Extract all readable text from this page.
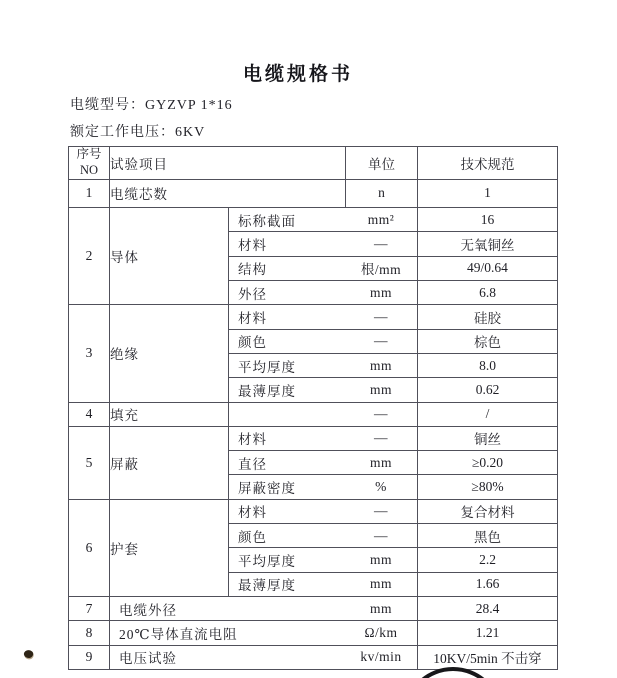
电缆规格书
电缆型号：GYZVP 1*16
额定工作电压：6KV
序号
NO	试验项目		单位	技术规范
1	电缆芯数		n	1
2	导体	标称截面 mm²		16
		材料 —		无氧铜丝
		结构 根/mm		49/0.64
		外径 mm		6.8
3	绝缘	材料 —		硅胶
		颜色 —		棕色
		平均厚度 mm		8.0
		最薄厚度 mm		0.62
4	填充	—		/
5	屏蔽	材料 —		铜丝
		直径 mm		≥0.20
		屏蔽密度 %		≥80%
6	护套	材料 —		复合材料
		颜色 —		黑色
		平均厚度 mm		2.2
		最薄厚度 mm		1.66
7	电缆外径 mm			28.4
8	20℃导体直流电阻 Ω/km			1.21
9	电压试验 kv/min			10KV/5min 不击穿
